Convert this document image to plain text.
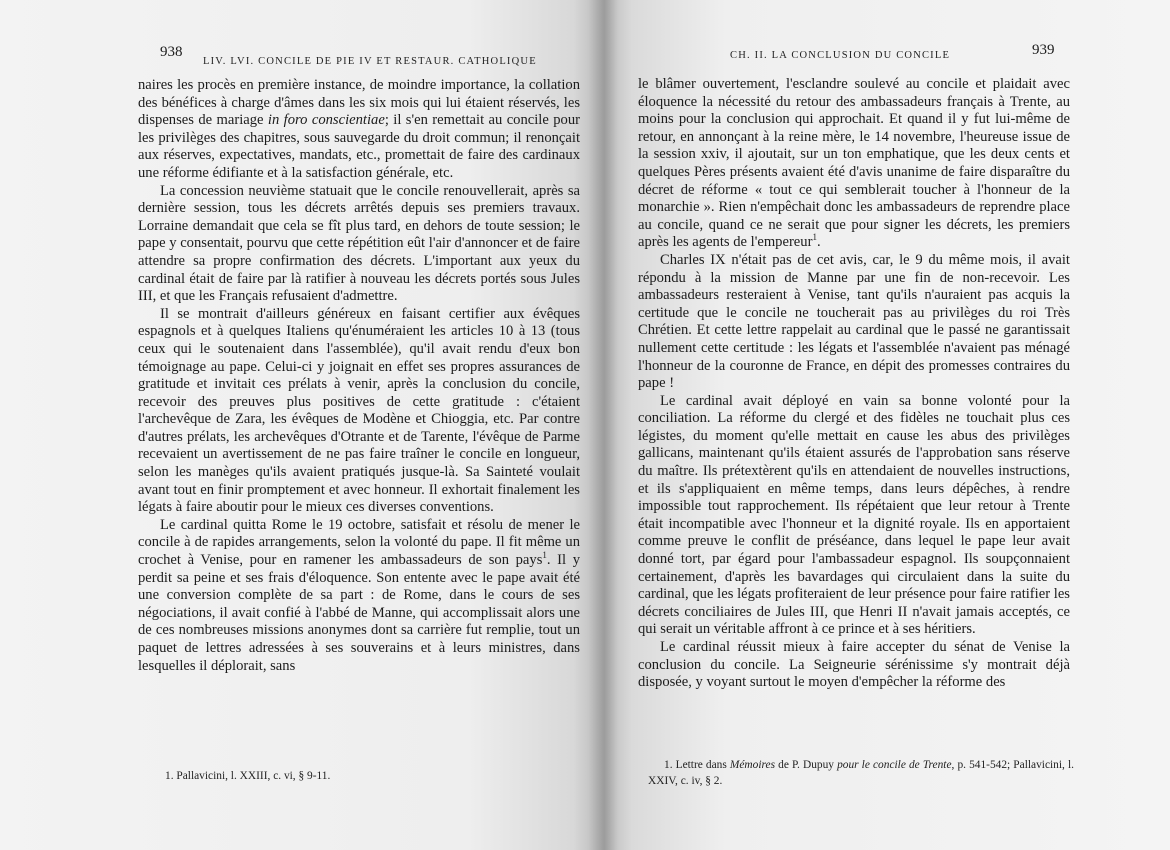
938
LIV. LVI. CONCILE DE PIE IV ET RESTAUR. CATHOLIQUE

naires les procès en première instance, de moindre importance, la collation des bénéfices à charge d'âmes dans les six mois qui lui étaient réservés, les dispenses de mariage in foro conscientiae; il s'en remettait au concile pour les privilèges des chapitres, sous sauvegarde du droit commun; il renonçait aux réserves, expectatives, mandats, etc., promettait de faire des cardinaux une réforme édifiante et à la satisfaction générale, etc.

La concession neuvième statuait que le concile renouvellerait, après sa dernière session, tous les décrets arrêtés depuis ses premiers travaux. Lorraine demandait que cela se fît plus tard, en dehors de toute session; le pape y consentait, pourvu que cette répétition eût l'air d'annoncer et de faire attendre sa propre confirmation des décrets. L'important aux yeux du cardinal était de faire par là ratifier à nouveau les décrets portés sous Jules III, et que les Français refusaient d'admettre.

Il se montrait d'ailleurs généreux en faisant certifier aux évêques espagnols et à quelques Italiens qu'énuméraient les articles 10 à 13 (tous ceux qui le soutenaient dans l'assemblée), qu'il avait rendu d'eux bon témoignage au pape. Celui-ci y joignait en effet ses propres assurances de gratitude et invitait ces prélats à venir, après la conclusion du concile, recevoir des preuves plus positives de cette gratitude : c'étaient l'archevêque de Zara, les évêques de Modène et Chioggia, etc. Par contre d'autres prélats, les archevêques d'Otrante et de Tarente, l'évêque de Parme recevaient un avertissement de ne pas faire traîner le concile en longueur, selon les manèges qu'ils avaient pratiqués jusque-là. Sa Sainteté voulait avant tout en finir promptement et avec honneur. Il exhortait finalement les légats à faire aboutir pour le mieux ces diverses conventions.

Le cardinal quitta Rome le 19 octobre, satisfait et résolu de mener le concile à de rapides arrangements, selon la volonté du pape. Il fit même un crochet à Venise, pour en ramener les ambassadeurs de son pays$^1$. Il y perdit sa peine et ses frais d'éloquence. Son entente avec le pape avait été une conversion complète de sa part : de Rome, dans le cours de ses négociations, il avait confié à l'abbé de Manne, qui accomplissait alors une de ces nombreuses missions anonymes dont sa carrière fut remplie, tout un paquet de lettres adressées à ses souverains et à leurs ministres, dans lesquelles il déplorait, sans

1. Pallavicini, l. XXIII, c. vi, § 9-11.
CH. II. LA CONCLUSION DU CONCILE	939

le blâmer ouvertement, l'esclandre soulevé au concile et plaidait avec éloquence la nécessité du retour des ambassadeurs français à Trente, au moins pour la conclusion qui approchait. Et quand il y fut lui-même de retour, en annonçant à la reine mère, le 14 novembre, l'heureuse issue de la session xxiv, il ajoutait, sur un ton emphatique, que les deux cents et quelques Pères présents avaient été d'avis unanime de faire disparaître du décret de réforme « tout ce qui semblerait toucher à l'honneur de la monarchie ». Rien n'empêchait donc les ambassadeurs de reprendre place au concile, quand ce ne serait que pour signer les décrets, les premiers après les agents de l'empereur$^1$.

Charles IX n'était pas de cet avis, car, le 9 du même mois, il avait répondu à la mission de Manne par une fin de non-recevoir. Les ambassadeurs resteraient à Venise, tant qu'ils n'auraient pas acquis la certitude que le concile ne toucherait pas au privilèges du roi Très Chrétien. Et cette lettre rappelait au cardinal que le passé ne garantissait nullement cette certitude : les légats et l'assemblée n'avaient pas ménagé l'honneur de la couronne de France, en dépit des promesses contraires du pape !

Le cardinal avait déployé en vain sa bonne volonté pour la conciliation. La réforme du clergé et des fidèles ne touchait plus ces légistes, du moment qu'elle mettait en cause les abus des privilèges gallicans, maintenant qu'ils étaient assurés de l'approbation sans réserve du maître. Ils prétextèrent qu'ils en attendaient de nouvelles instructions, et ils s'appliquaient en même temps, dans leurs dépêches, à rendre impossible tout rapprochement. Ils répétaient que leur retour à Trente était incompatible avec l'honneur et la dignité royale. Ils en apportaient comme preuve le conflit de préséance, dans lequel le pape leur avait donné tort, par égard pour l'ambassadeur espagnol. Ils soupçonnaient certainement, d'après les bavardages qui circulaient dans la suite du cardinal, que les légats profiteraient de leur présence pour faire ratifier les décrets conciliaires de Jules III, que Henri II n'avait jamais acceptés, ce qui serait un véritable affront à ce prince et à ses héritiers.

Le cardinal réussit mieux à faire accepter du sénat de Venise la conclusion du concile. La Seigneurie sérénissime s'y montrait déjà disposée, y voyant surtout le moyen d'empêcher la réforme des

1. Lettre dans Mémoires de P. Dupuy pour le concile de Trente, p. 541-542; Pallavicini, l. XXIV, c. iv, § 2.
